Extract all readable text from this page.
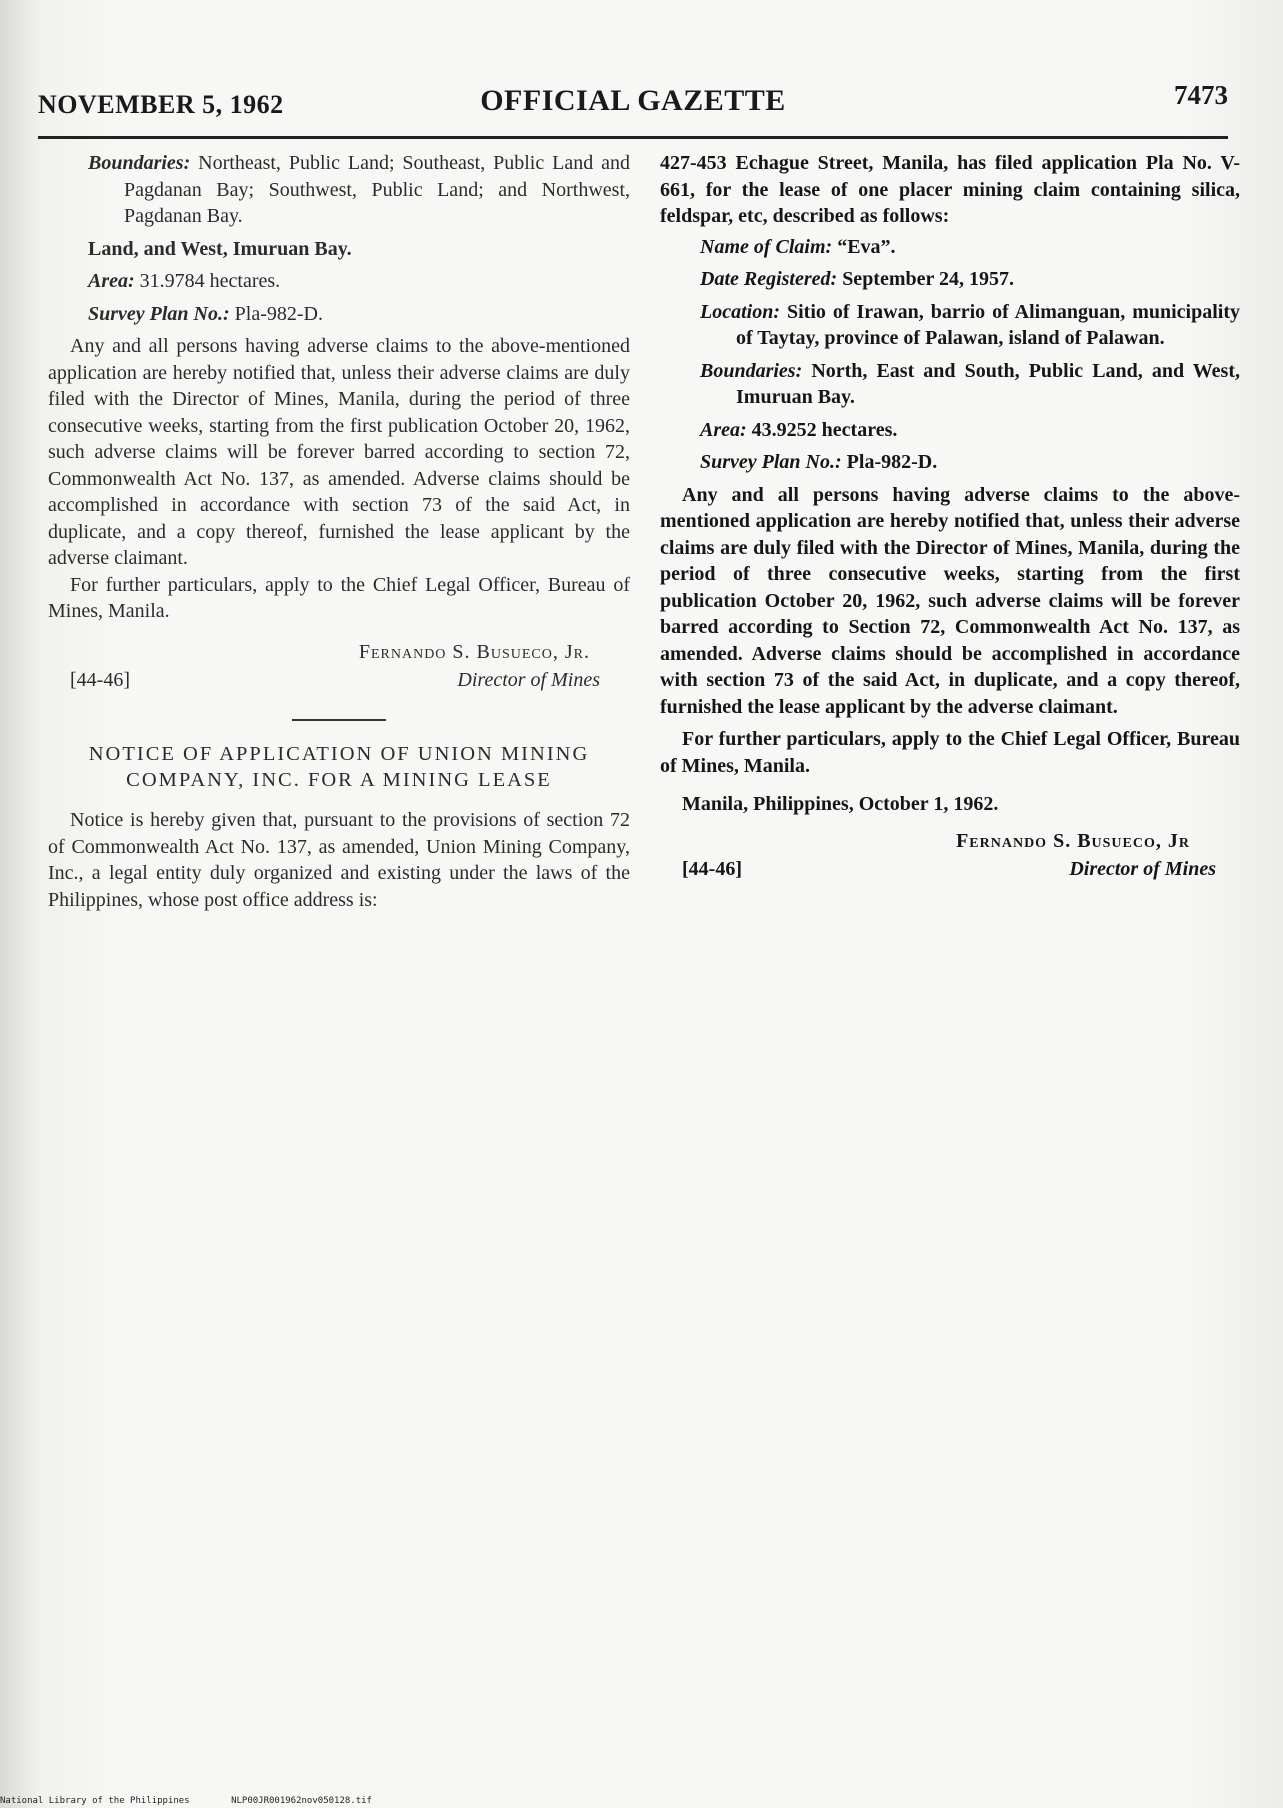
NOVEMBER 5, 1962	OFFICIAL GAZETTE	7473

Boundaries: Northeast, Public Land; Southeast, Public Land and Pagdanan Bay; Southwest, Public Land; and Northwest, Pagdanan Bay.

Land, and West, Imuruan Bay.

Area: 31.9784 hectares.

Survey Plan No.: Pla-982-D.

Any and all persons having adverse claims to the above-mentioned application are hereby notified that, unless their adverse claims are duly filed with the Director of Mines, Manila, during the period of three consecutive weeks, starting from the first publication October 20, 1962, such adverse claims will be forever barred according to section 72, Commonwealth Act No. 137, as amended. Adverse claims should be accomplished in accordance with section 73 of the said Act, in duplicate, and a copy thereof, furnished the lease applicant by the adverse claimant.

For further particulars, apply to the Chief Legal Officer, Bureau of Mines, Manila.

Fernando S. Busueco, Jr.

[44-46]	Director of Mines
NOTICE OF APPLICATION OF UNION MINING
COMPANY, INC. FOR A MINING LEASE

Notice is hereby given that, pursuant to the provisions of section 72 of Commonwealth Act No. 137, as amended, Union Mining Company, Inc., a legal entity duly organized and existing under the laws of the Philippines, whose post office address is:

427-453 Echague Street, Manila, has filed application Pla No. V-661, for the lease of one placer mining claim containing silica, feldspar, etc, described as follows:

Name of Claim: “Eva”.

Date Registered: September 24, 1957.

Location: Sitio of Irawan, barrio of Alimanguan, municipality of Taytay, province of Palawan, island of Palawan.

Boundaries: North, East and South, Public Land, and West, Imuruan Bay.

Area: 43.9252 hectares.

Survey Plan No.: Pla-982-D.

Any and all persons having adverse claims to the above-mentioned application are hereby notified that, unless their adverse claims are duly filed with the Director of Mines, Manila, during the period of three consecutive weeks, starting from the first publication October 20, 1962, such adverse claims will be forever barred according to Section 72, Commonwealth Act No. 137, as amended. Adverse claims should be accomplished in accordance with section 73 of the said Act, in duplicate, and a copy thereof, furnished the lease applicant by the adverse claimant.

For further particulars, apply to the Chief Legal Officer, Bureau of Mines, Manila.

Manila, Philippines, October 1, 1962.

Fernando S. Busueco, Jr

[44-46]	Director of Mines
National Library of the Philippines	NLP00JR001962nov050128.tif
